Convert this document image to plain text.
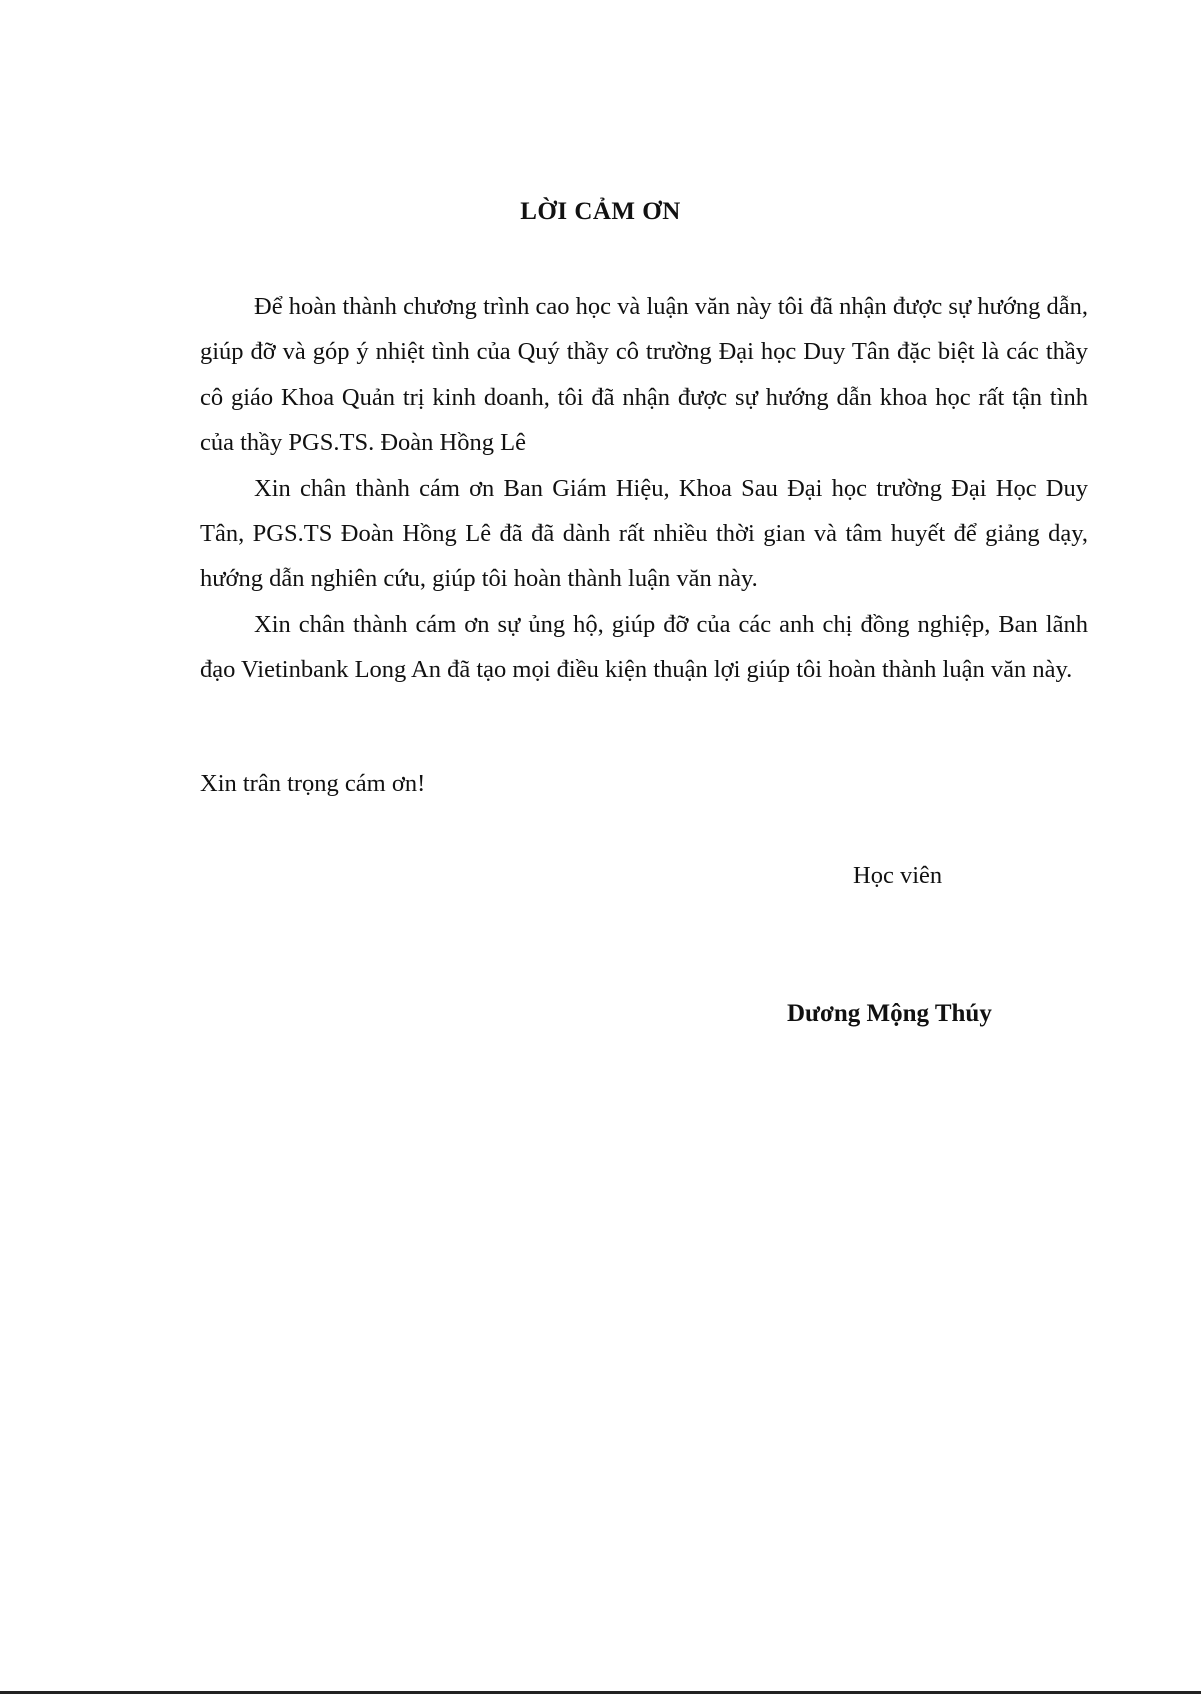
LỜI CẢM ƠN

Để hoàn thành chương trình cao học và luận văn này tôi đã nhận được sự hướng dẫn, giúp đỡ và góp ý nhiệt tình của Quý thầy cô trường Đại học Duy Tân đặc biệt là các thầy cô giáo Khoa Quản trị kinh doanh, tôi đã nhận được sự hướng dẫn khoa học rất tận tình của thầy PGS.TS. Đoàn Hồng Lê

Xin chân thành cám ơn Ban Giám Hiệu, Khoa Sau Đại học trường Đại Học Duy Tân, PGS.TS Đoàn Hồng Lê đã đã dành rất nhiều thời gian và tâm huyết để giảng dạy, hướng dẫn nghiên cứu, giúp tôi hoàn thành luận văn này.

Xin chân thành cám ơn sự ủng hộ, giúp đỡ của các anh chị đồng nghiệp, Ban lãnh đạo Vietinbank Long An đã tạo mọi điều kiện thuận lợi giúp tôi hoàn thành luận văn này.

Xin trân trọng cám ơn!
Học viên
Dương Mộng Thúy
